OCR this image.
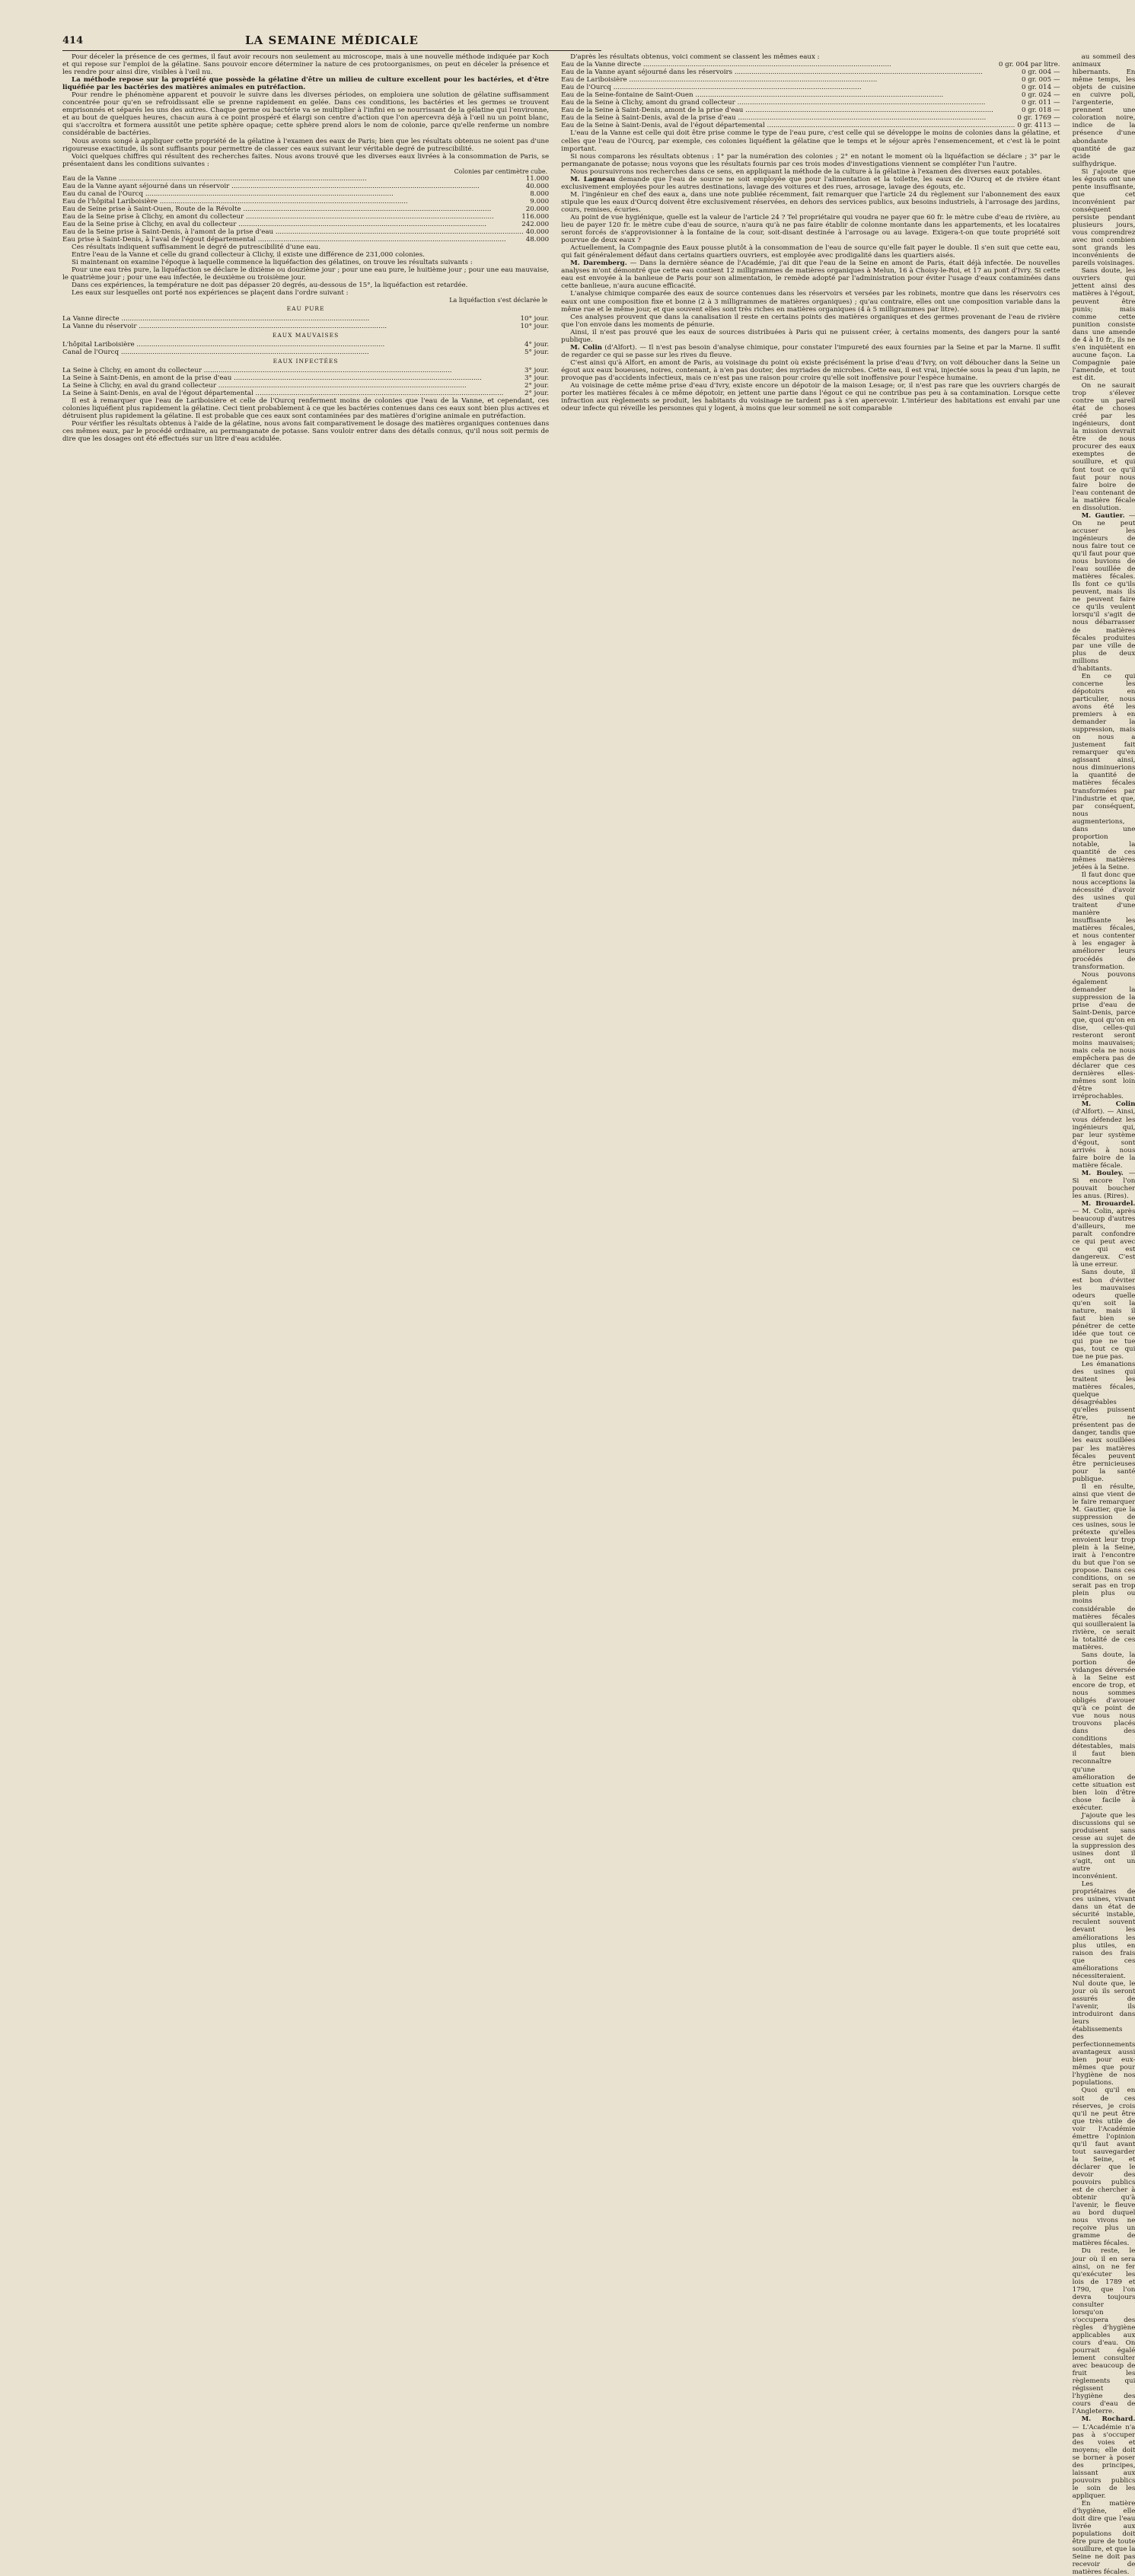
414	LA SEMAINE MÉDICALE

Pour déceler la présence de ces germes, il faut avoir recours non seulement au microscope, mais à une nouvelle méthode indiquée par Koch et qui repose sur l'emploi de la gélatine. Sans pouvoir encore déterminer la nature de ces protoorganismes, on peut en déceler la présence et les rendre pour ainsi dire, visibles à l'œil nu.

La méthode repose sur la propriété que possède la gélatine d'être un milieu de culture excellent pour les bactéries, et d'être liquéfiée par les bactéries des matières animales en putréfaction.

Pour rendre le phénomène apparent et pouvoir le suivre dans les diverses périodes, on emploiera une solution de gélatine suffisamment concentrée pour qu'en se refroidissant elle se prenne rapidement en gelée. Dans ces conditions, les bactéries et les germes se trouvent emprisonnés et séparés les uns des autres. Chaque germe ou bactérie va se multiplier à l'infini en se nourrissant de la gélatine qui l'environne, et au bout de quelques heures, chacun aura à ce point prospéré et élargi son centre d'action que l'on apercevra déjà à l'œil nu un point blanc, qui s'accroîtra et formera aussitôt une petite sphère opaque; cette sphère prend alors le nom de colonie, parce qu'elle renferme un nombre considérable de bactéries.

Nous avons songé à appliquer cette propriété de la gélatine à l'examen des eaux de Paris; bien que les résultats obtenus ne soient pas d'une rigoureuse exactitude, ils sont suffisants pour permettre de classer ces eaux suivant leur véritable degré de putrescibilité.

Voici quelques chiffres qui résultent des recherches faites. Nous avons trouvé que les diverses eaux livrées à la consommation de Paris, se présentaient dans les conditions suivantes :

Colonies par centimètre cube.
Eau de la Vanne .....	11.000
Eau de la Vanne ayant séjourné dans un réservoir .....	40.000
Eau du canal de l'Ourcq .....	8.000
Eau de l'hôpital Lariboisière .....	9.000
Eau de Seine prise à Saint-Ouen, Route de la Révolte .....	20.000
Eau de la Seine prise à Clichy, en amont du collecteur .....	116.000
Eau de la Seine prise à Clichy, en aval du collecteur .....	242.000
Eau de la Seine prise à Saint-Denis, à l'amont de la prise d'eau .....	40.000
Eau prise à Saint-Denis, à l'aval de l'égout départemental .....	48.000

Ces résultats indiquent suffisamment le degré de putrescibilité d'une eau.

Entre l'eau de la Vanne et celle du grand collecteur à Clichy, il existe une différence de 231,000 colonies.

Si maintenant on examine l'époque à laquelle commence la liquéfaction des gélatines, on trouve les résultats suivants :

Pour une eau très pure, la liquéfaction se déclare le dixième ou douzième jour ; pour une eau pure, le huitième jour ; pour une eau mauvaise, le quatrième jour ; pour une eau infectée, le deuxième ou troisième jour.

Dans ces expériences, la température ne doit pas dépasser 20 degrés, au-dessous de 15°, la liquéfaction est retardée.

Les eaux sur lesquelles ont porté nos expériences se plaçent dans l'ordre suivant :

La liquéfaction s'est déclarée le
EAU PURE
La Vanne directe .....	10° jour.
La Vanne du réservoir .....	10° jour.
EAUX MAUVAISES
L'hôpital Lariboisière .....	4° jour.
Canal de l'Ourcq .....	5° jour.
EAUX INFECTÉES
La Seine à Clichy, en amont du collecteur .....	3° jour.
La Seine à Saint-Denis, en amont de la prise d'eau .....	3° jour.
La Seine à Clichy, en aval du grand collecteur .....	2° jour.
La Seine à Saint-Denis, en aval de l'égout départemental .....	2° jour.

Il est à remarquer que l'eau de Lariboisière et celle de l'Ourcq renferment moins de colonies que l'eau de la Vanne, et cependant, ces colonies liquéfient plus rapidement la gélatine. Ceci tient probablement à ce que les bactéries contenues dans ces eaux sont bien plus actives et détruisent plus rapidement la gélatine. Il est probable que ces eaux sont contaminées par des matières d'origine animale en putréfaction.

Pour vérifier les résultats obtenus à l'aide de la gélatine, nous avons fait comparativement le dosage des matières organiques contenues dans ces mêmes eaux, par le procédé ordinaire, au permanganate de potasse. Sans vouloir entrer dans des détails connus, qu'il nous soit permis de dire que les dosages ont été effectués sur un litre d'eau acidulée.

D'après les résultats obtenus, voici comment se classent les mêmes eaux :

Eau de la Vanne directe .....	0 gr. 004 par litre.
Eau de la Vanne ayant séjourné dans les réservoirs .....	0 gr. 004 —
Eau de Lariboisière .....	0 gr. 005 —
Eau de l'Ourcq .....	0 gr. 014 —
Eau de la Seine-fontaine de Saint-Ouen .....	0 gr. 024 —
Eau de la Seine à Clichy, amont du grand collecteur .....	0 gr. 011 —
Eau de la Seine à Saint-Denis, amont de la prise d'eau .....	0 gr. 018 —
Eau de la Seine à Saint-Denis, aval de la prise d'eau .....	0 gr. 1769 —
Eau de la Seine à Saint-Denis, aval de l'égout départemental .....	0 gr. 4113 —

L'eau de la Vanne est celle qui doit être prise comme le type de l'eau pure, c'est celle qui se développe le moins de colonies dans la gélatine, et celles que l'eau de l'Ourcq, par exemple, ces colonies liquéfient la gélatine que le temps et le séjour après l'ensemencement, et c'est là le point important.

Si nous comparons les résultats obtenus : 1° par la numération des colonies ; 2° en notant le moment où la liquéfaction se déclare ; 3° par le permanganate de potasse; nous voyons que les résultats fournis par ces trois modes d'investigations viennent se compléter l'un l'autre.

Nous poursuivrons nos recherches dans ce sens, en appliquant la méthode de la culture à la gélatine à l'examen des diverses eaux potables.

M. Lagneau demande que l'eau de source ne soit employée que pour l'alimentation et la toilette, les eaux de l'Ourcq et de rivière étant exclusivement employées pour les autres destinations, lavage des voitures et des rues, arrosage, lavage des égouts, etc.

M. l'ingénieur en chef des eaux a, dans une note publiée récemment, fait remarquer que l'article 24 du règlement sur l'abonnement des eaux stipule que les eaux d'Ourcq doivent être exclusivement réservées, en dehors des services publics, aux besoins industriels, à l'arrosage des jardins, cours, remises, écuries.

Au point de vue hygiénique, quelle est la valeur de l'article 24 ? Tel propriétaire qui voudra ne payer que 60 fr. le mètre cube d'eau de rivière, au lieu de payer 120 fr. le mètre cube d'eau de source, n'aura qu'à ne pas faire établir de colonne montante dans les appartements, et les locataires seront forcés de s'approvisionner à la fontaine de la cour, soit-disant destinée à l'arrosage ou au lavage. Exigera-t-on que toute propriété soit pourvue de deux eaux ?

Actuellement, la Compagnie des Eaux pousse plutôt à la consommation de l'eau de source qu'elle fait payer le double. Il s'en suit que cette eau, qui fait généralement défaut dans certains quartiers ouvriers, est employée avec prodigalité dans les quartiers aisés.

M. Daremberg. — Dans la dernière séance de l'Académie, j'ai dit que l'eau de la Seine en amont de Paris, était déjà infectée. De nouvelles analyses m'ont démontré que cette eau contient 12 milligrammes de matières organiques à Melun, 16 à Choisy-le-Roi, et 17 au pont d'Ivry. Si cette eau est envoyée à la banlieue de Paris pour son alimentation, le remède adopté par l'administration pour éviter l'usage d'eaux contaminées dans cette banlieue, n'aura aucune efficacité.

L'analyse chimique comparée des eaux de source contenues dans les réservoirs et versées par les robinets, montre que dans les réservoirs ces eaux ont une composition fixe et bonne (2 à 3 milligrammes de matières organiques) ; qu'au contraire, elles ont une composition variable dans la même rue et le même jour, et que souvent elles sont très riches en matières organiques (4 à 5 milligrammes par litre).

Ces analyses prouvent que dans la canalisation il reste en certains points des matières organiques et des germes provenant de l'eau de rivière que l'on envoie dans les moments de pénurie.

Ainsi, il n'est pas prouvé que les eaux de sources distribuées à Paris qui ne puissent créer, à certains moments, des dangers pour la santé publique.

M. Colin (d'Alfort). — Il n'est pas besoin d'analyse chimique, pour constater l'impureté des eaux fournies par la Seine et par la Marne. Il suffit de regarder ce qui se passe sur les rives du fleuve.

C'est ainsi qu'à Alfort, en amont de Paris, au voisinage du point où existe précisément la prise d'eau d'Ivry, on voit déboucher dans la Seine un égout aux eaux boueuses, noires, contenant, à n'en pas douter, des myriades de microbes. Cette eau, il est vrai, injectée sous la peau d'un lapin, ne provoque pas d'accidents infectieux, mais ce n'est pas une raison pour croire qu'elle soit inoffensive pour l'espèce humaine.

Au voisinage de cette même prise d'eau d'Ivry, existe encore un dépotoir de la maison Lesage; or, il n'est pas rare que les ouvriers chargés de porter les matières fécales à ce même dépotoir, en jettent une partie dans l'égout ce qui ne contribue pas peu à sa contamination. Lorsque cette infraction aux règlements se produit, les habitants du voisinage ne tardent pas à s'en apercevoir. L'intérieur des habitations est envahi par une odeur infecte qui réveille les personnes qui y logent, à moins que leur sommeil ne soit comparable

au sommeil des animaux hibernants. En même temps, les objets de cuisine en cuivre poli, l'argenterie, prennent une coloration noire, indice de la présence d'une abondante quantité de gaz acide sulfhydrique.

Si j'ajoute que les égouts ont une pente insuffisante, que cet inconvénient par conséquent persiste pendant plusieurs jours, vous comprendrez avec moi combien sont grands les inconvénients de pareils voisinages.

Sans doute, les ouvriers qui jettent ainsi des matières à l'égout, peuvent être punis; mais comme cette punition consiste dans une amende de 4 à 10 fr., ils ne s'en inquiètent en aucune façon. La Compagnie paie l'amende, et tout est dit.

On ne saurait trop s'élever contre un pareil état de choses créé par les ingénieurs, dont la mission devrait être de nous procurer des eaux exemptes de souillure, et qui font tout ce qu'il faut pour nous faire boire de l'eau contenant de la matière fécale en dissolution.

M. Gautier. — On ne peut accuser les ingénieurs de nous faire tout ce qu'il faut pour que nous buvions de l'eau souillée de matières fécales. Ils font ce qu'ils peuvent, mais ils ne peuvent faire ce qu'ils veulent lorsqu'il s'agit de nous débarrasser de matières fécales produites par une ville de plus de deux millions d'habitants.

En ce qui concerne les dépotoirs en particulier, nous avons été les premiers à en demander la suppression, mais on nous a justement fait remarquer qu'en agissant ainsi, nous diminuerions la quantité de matières fécales transformées par l'industrie et que, par conséquent, nous augmenterions, dans une proportion notable, la quantité de ces mêmes matières jetées à la Seine.

Il faut donc que nous acceptions la nécessité d'avoir des usines qui traitent d'une manière insuffisante les matières fécales, et nous contenter à les engager à améliorer leurs procédés de transformation.

Nous pouvons également demander la suppression de la prise d'eau de Saint-Denis, parce que, quoi qu'on en dise, celles-qui resteront seront moins mauvaises; mais cela ne nous empêchera pas de déclarer que ces dernières elles-mêmes sont loin d'être irréprochables.

M. Colin (d'Alfort). — Ainsi, vous défendez les ingénieurs qui, par leur système d'égout, sont arrivés à nous faire boire de la matière fécale.

M. Bouley. — Si encore l'on pouvait boucher les anus. (Rires).

M. Brouardel. — M. Colin, après beaucoup d'autres d'ailleurs, me paraît confondre ce qui peut avec ce qui est dangereux. C'est là une erreur.

Sans doute, il est bon d'éviter les mauvaises odeurs quelle qu'en soit la nature, mais il faut bien se pénétrer de cette idée que tout ce qui pue ne tue pas, tout ce qui tue ne pue pas.

Les émanations des usines qui traitent les matières fécales, quelque désagréables qu'elles puissent être, ne présentent pas de danger, tandis que les eaux souillées par les matières fécales peuvent être pernicieuses pour la santé publique.

Il en résulte, ainsi que vient de le faire remarquer M. Gautier, que la suppression de ces usines, sous le prétexte qu'elles envoient leur trop plein à la Seine, irait à l'encontre du but que l'on se propose. Dans ces conditions, on se serait pas en trop plein plus ou moins considérable de matières fécales qui souilleraient la rivière, ce serait la totalité de ces matières.

Sans doute, la portion de vidanges déversée à la Seine est encore de trop, et nous sommes obligés d'avouer qu'à ce point de vue nous nous trouvons placés dans des conditions détestables, mais il faut bien reconnaître qu'une amélioration de cette situation est bien loin d'être chose facile à exécuter.

J'ajoute que les discussions qui se produisent sans cesse au sujet de la suppression des usines dont il s'agit, ont un autre inconvénient.

Les propriétaires de ces usines, vivant dans un état de sécurité instable, reculent souvent devant les améliorations les plus utiles, en raison des frais que ces améliorations nécessiteraient. Nul doute que, le jour où ils seront assurés de l'avenir, ils introduiront dans leurs établissements des perfectionnements avantageux aussi bien pour eux-mêmes que pour l'hygiène de nos populations.

Quoi qu'il en soit de ces réserves, je crois qu'il ne peut être que très utile de voir l'Académie émettre l'opinion qu'il faut avant tout sauvegarder la Seine, et déclarer que le devoir des pouvoirs publics est de chercher à obtenir qu'à l'avenir, le fleuve au bord duquel nous vivons ne reçoive plus un gramme de matières fécales.

Du reste, le jour où il en sera ainsi, on ne fer qu'exécuter les lois de 1789 et 1790, que l'on devra toujours consulter lorsqu'on s'occupera des règles d'hygiène applicables aux cours d'eau. On pourrait égalé lement consulter avec beaucoup de fruit les règlements qui régissent l'hygiène des cours d'eau de l'Angleterre.

M. Rochard. — L'Académie n'a pas à s'occuper des voies et moyens; elle doit se borner à poser des principes, laissant aux pouvoirs publics le soin de les appliquer.

En matière d'hygiène, elle doit dire que l'eau livrée aux populations doit être pure de toute souillure, et que la Seine ne doit pas recevoir de matières fécales.
